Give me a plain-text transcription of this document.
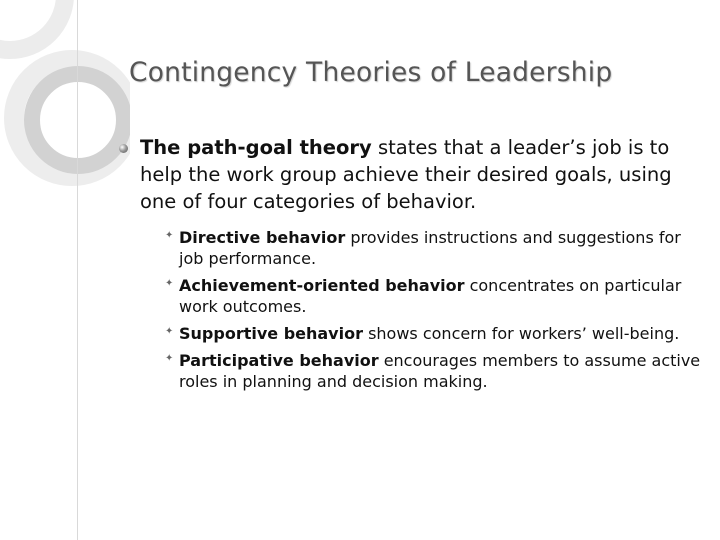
Contingency Theories of Leadership
The path-goal theory states that a leader’s job is to help the work group achieve their desired goals, using one of four categories of behavior.
✦ Directive behavior provides instructions and suggestions for job performance.
✦ Achievement-oriented behavior concentrates on particular work outcomes.
✦ Supportive behavior shows concern for workers’ well-being.
✦ Participative behavior encourages members to assume active roles in planning and decision making.
